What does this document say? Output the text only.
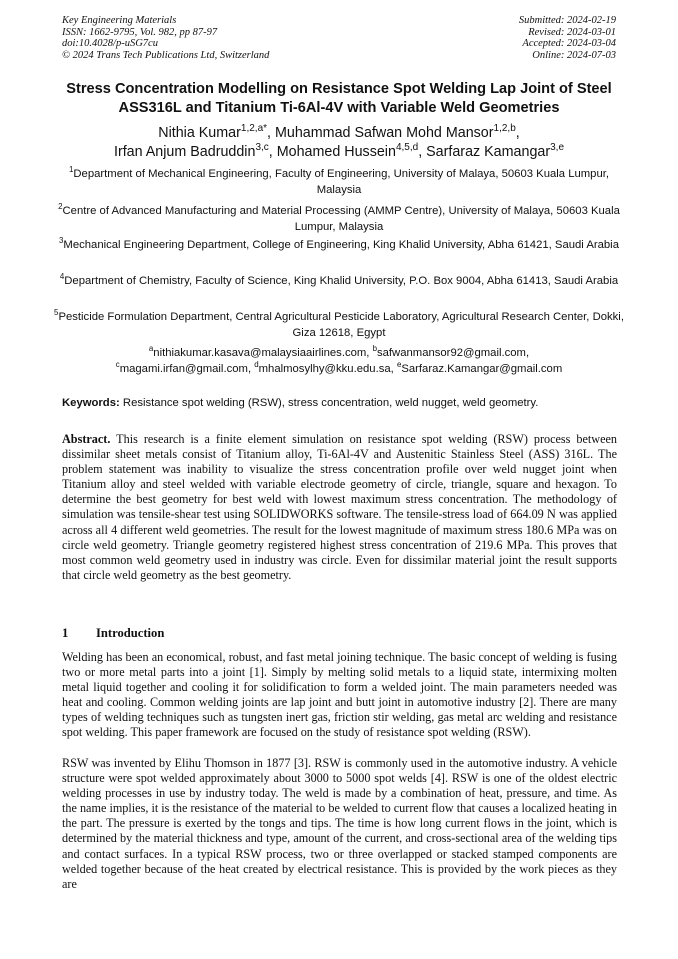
Key Engineering Materials
ISSN: 1662-9795, Vol. 982, pp 87-97
doi:10.4028/p-uSG7cu
© 2024 Trans Tech Publications Ltd, Switzerland
Submitted: 2024-02-19
Revised: 2024-03-01
Accepted: 2024-03-04
Online: 2024-07-03
Stress Concentration Modelling on Resistance Spot Welding Lap Joint of Steel ASS316L and Titanium Ti-6Al-4V with Variable Weld Geometries
Nithia Kumar$^{1,2,a*}$, Muhammad Safwan Mohd Mansor$^{1,2,b}$,
Irfan Anjum Badruddin$^{3,c}$, Mohamed Hussein$^{4,5,d}$, Sarfaraz Kamangar$^{3,e}$
$^1$Department of Mechanical Engineering, Faculty of Engineering, University of Malaya, 50603 Kuala Lumpur, Malaysia
$^2$Centre of Advanced Manufacturing and Material Processing (AMMP Centre), University of Malaya, 50603 Kuala Lumpur, Malaysia
$^3$Mechanical Engineering Department, College of Engineering, King Khalid University, Abha 61421, Saudi Arabia
$^4$Department of Chemistry, Faculty of Science, King Khalid University, P.O. Box 9004, Abha 61413, Saudi Arabia
$^5$Pesticide Formulation Department, Central Agricultural Pesticide Laboratory, Agricultural Research Center, Dokki, Giza 12618, Egypt
$^a$nithiakumar.kasava@malaysiaairlines.com, $^b$safwanmansor92@gmail.com,
$^c$magami.irfan@gmail.com, $^d$mhalmosylhy@kku.edu.sa, $^e$Sarfaraz.Kamangar@gmail.com
Keywords: Resistance spot welding (RSW), stress concentration, weld nugget, weld geometry.
Abstract. This research is a finite element simulation on resistance spot welding (RSW) process between dissimilar sheet metals consist of Titanium alloy, Ti-6Al-4V and Austenitic Stainless Steel (ASS) 316L. The problem statement was inability to visualize the stress concentration profile over weld nugget joint when Titanium alloy and steel welded with variable electrode geometry of circle, triangle, square and hexagon. To determine the best geometry for best weld with lowest maximum stress concentration. The methodology of simulation was tensile-shear test using SOLIDWORKS software. The tensile-stress load of 664.09 N was applied across all 4 different weld geometries. The result for the lowest magnitude of maximum stress 180.6 MPa was on circle weld geometry. Triangle geometry registered highest stress concentration of 219.6 MPa. This proves that most common weld geometry used in industry was circle. Even for dissimilar material joint the result supports that circle weld geometry as the best geometry.
1 Introduction
Welding has been an economical, robust, and fast metal joining technique. The basic concept of welding is fusing two or more metal parts into a joint [1]. Simply by melting solid metals to a liquid state, intermixing molten metal liquid together and cooling it for solidification to form a welded joint. The main parameters needed was heat and cooling. Common welding joints are lap joint and butt joint in automotive industry [2]. There are many types of welding techniques such as tungsten inert gas, friction stir welding, gas metal arc welding and resistance spot welding. This paper framework are focused on the study of resistance spot welding (RSW).
RSW was invented by Elihu Thomson in 1877 [3]. RSW is commonly used in the automotive industry. A vehicle structure were spot welded approximately about 3000 to 5000 spot welds [4]. RSW is one of the oldest electric welding processes in use by industry today. The weld is made by a combination of heat, pressure, and time. As the name implies, it is the resistance of the material to be welded to current flow that causes a localized heating in the part. The pressure is exerted by the tongs and tips. The time is how long current flows in the joint, which is determined by the material thickness and type, amount of the current, and cross-sectional area of the welding tips and contact surfaces. In a typical RSW process, two or three overlapped or stacked stamped components are welded together because of the heat created by electrical resistance. This is provided by the work pieces as they are
